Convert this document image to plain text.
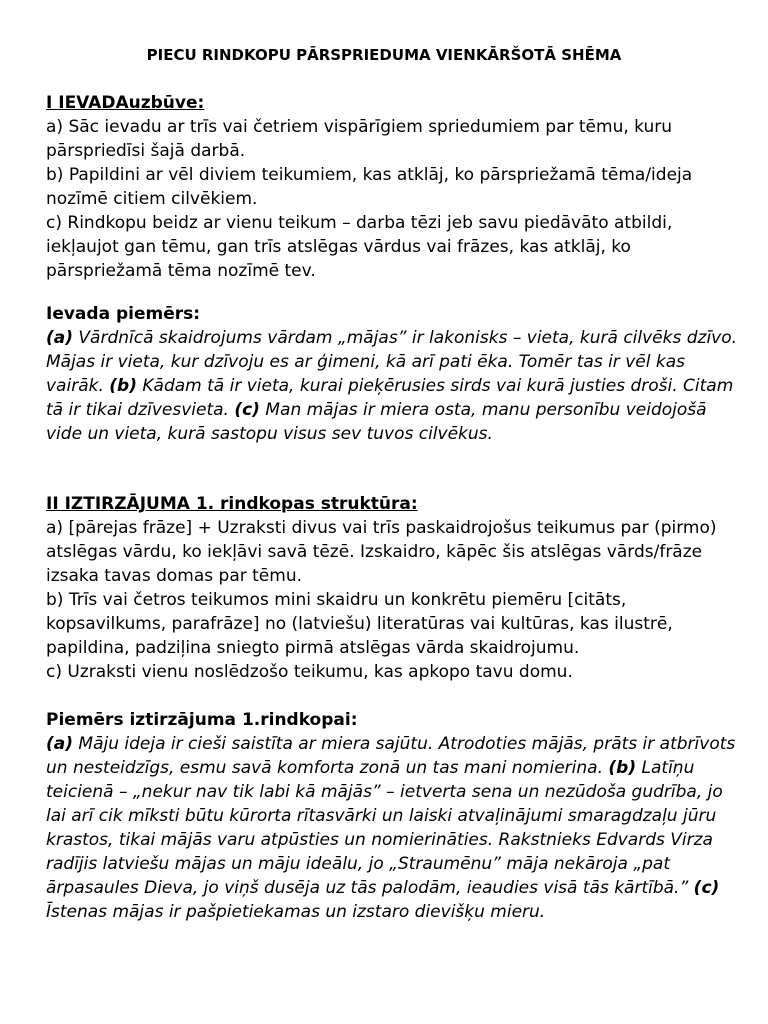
PIECU RINDKOPU PĀRSPRIEDUMA VIENKĀRŠOTĀ SHĒMA
I IEVADAuzbūve:
a) Sāc ievadu ar trīs vai četriem vispārīgiem spriedumiem par tēmu, kuru
pārspriedīsi šajā darbā.
b) Papildini ar vēl diviem teikumiem, kas atklāj, ko pārspriežamā tēma/ideja
nozīmē citiem cilvēkiem.
c) Rindkopu beidz ar vienu teikum – darba tēzi jeb savu piedāvāto atbildi,
iekļaujot gan tēmu, gan trīs atslēgas vārdus vai frāzes, kas atklāj, ko
pārspriežamā tēma nozīmē tev.
Ievada piemērs:
(a) Vārdnīcā skaidrojums vārdam „mājas” ir lakonisks – vieta, kurā cilvēks dzīvo.
Mājas ir vieta, kur dzīvoju es ar ģimeni, kā arī pati ēka. Tomēr tas ir vēl kas
vairāk. (b) Kādam tā ir vieta, kurai pieķērusies sirds vai kurā justies droši. Citam
tā ir tikai dzīvesvieta. (c) Man mājas ir miera osta, manu personību veidojošā
vide un vieta, kurā sastopu visus sev tuvos cilvēkus.
II IZTIRZĀJUMA 1. rindkopas struktūra:
a) [pārejas frāze] + Uzraksti divus vai trīs paskaidrojošus teikumus par (pirmo)
atslēgas vārdu, ko iekļāvi savā tēzē. Izskaidro, kāpēc šis atslēgas vārds/frāze
izsaka tavas domas par tēmu.
b) Trīs vai četros teikumos mini skaidru un konkrētu piemēru [citāts,
kopsavilkums, parafrāze] no (latviešu) literatūras vai kultūras, kas ilustrē,
papildina, padziļina sniegto pirmā atslēgas vārda skaidrojumu.
c) Uzraksti vienu noslēdzošo teikumu, kas apkopo tavu domu.
Piemērs iztirzājuma 1.rindkopai:
(a) Māju ideja ir cieši saistīta ar miera sajūtu. Atrodoties mājās, prāts ir atbrīvots
un nesteidzīgs, esmu savā komforta zonā un tas mani nomierina. (b) Latīņu
teicienā – „nekur nav tik labi kā mājās” – ietverta sena un nezūdoša gudrība, jo
lai arī cik mīksti būtu kūrorta rītasvārki un laiski atvaļinājumi smaragdzaļu jūru
krastos, tikai mājās varu atpūsties un nomierināties. Rakstnieks Edvards Virza
radījis latviešu mājas un māju ideālu, jo „Straumēnu” māja nekāroja „pat
ārpasaules Dieva, jo viņš dusēja uz tās palodām, ieaudies visā tās kārtībā.” (c)
Īstenas mājas ir pašpietiekamas un izstaro dievišķu mieru.
